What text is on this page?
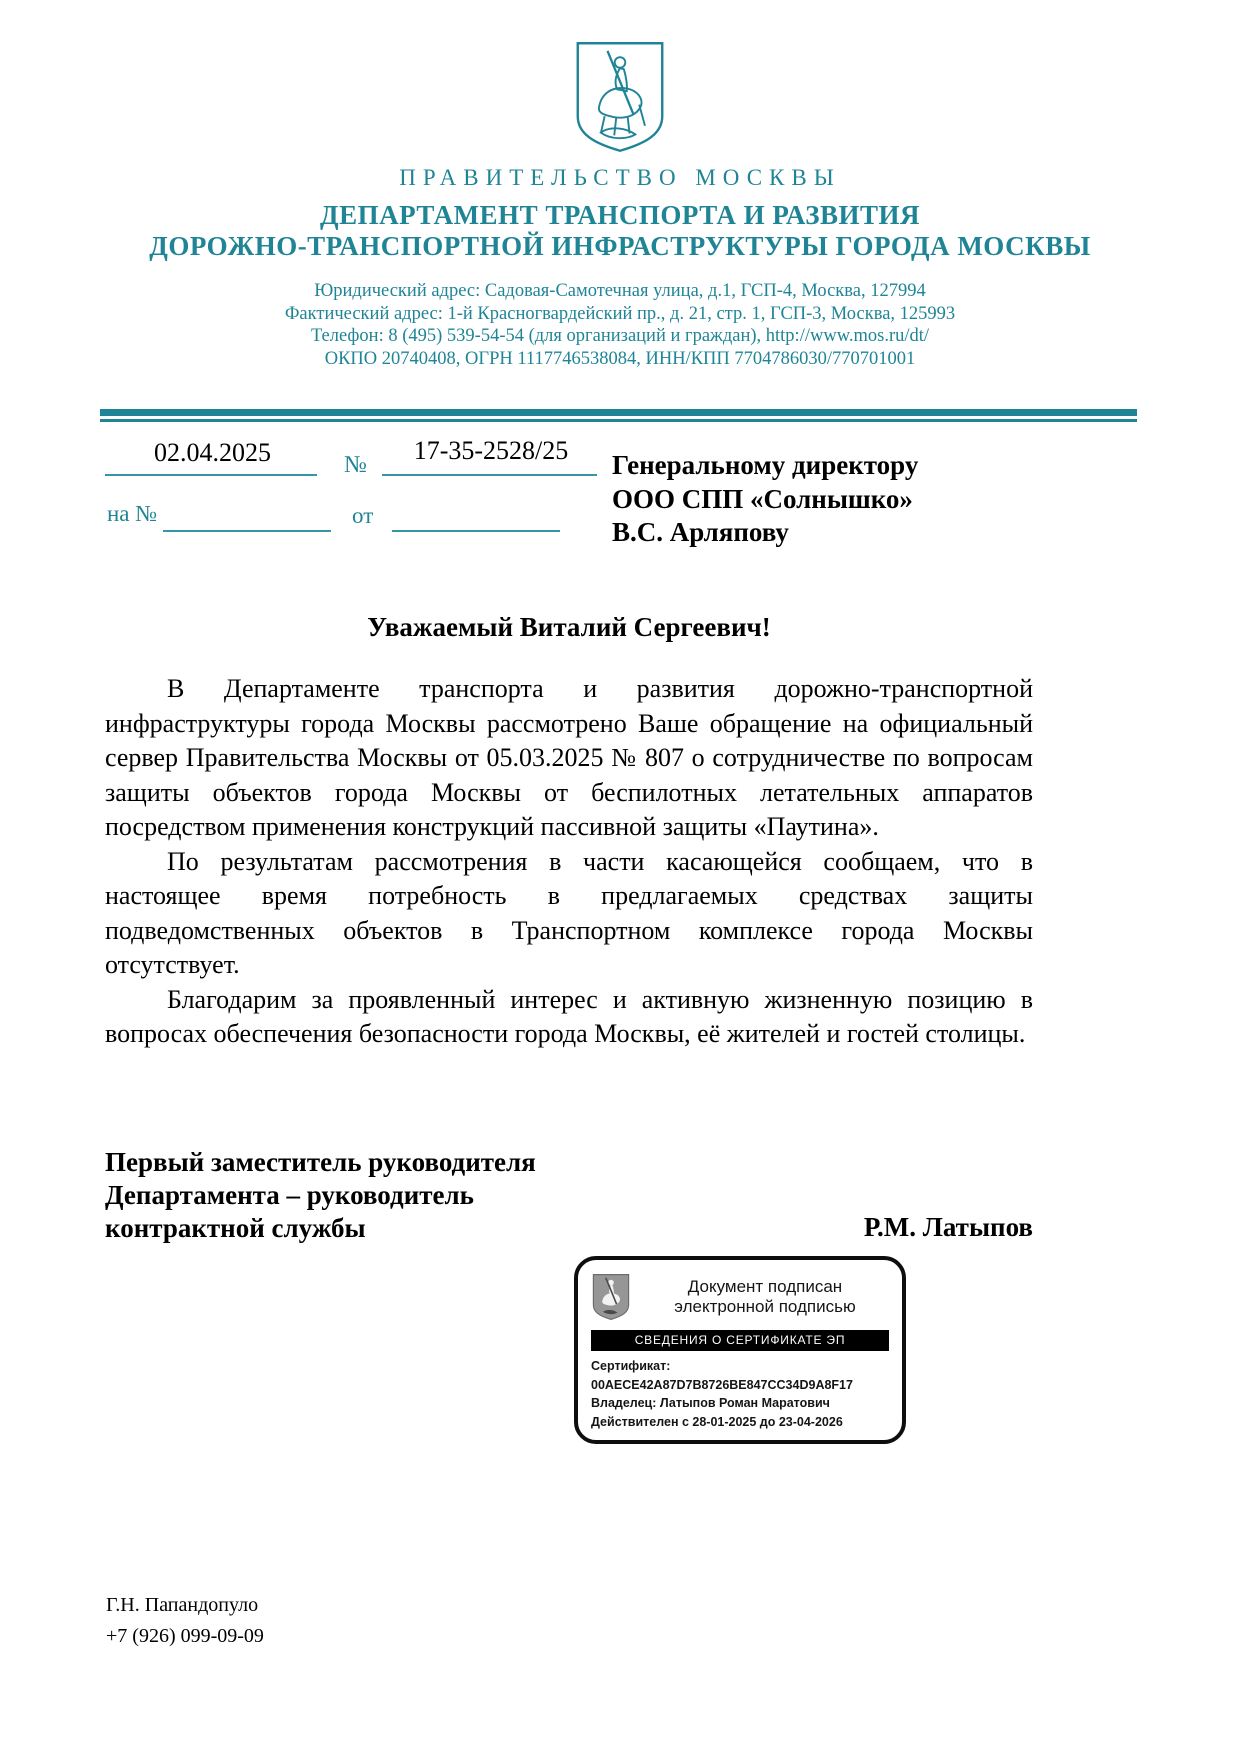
ПРАВИТЕЛЬСТВО МОСКВЫ
ДЕПАРТАМЕНТ ТРАНСПОРТА И РАЗВИТИЯ
ДОРОЖНО-ТРАНСПОРТНОЙ ИНФРАСТРУКТУРЫ ГОРОДА МОСКВЫ
Юридический адрес: Садовая-Самотечная улица, д.1, ГСП-4, Москва, 127994
Фактический адрес: 1-й Красногвардейский пр., д. 21, стр. 1, ГСП-3, Москва, 125993
Телефон: 8 (495) 539-54-54 (для организаций и граждан), http://www.mos.ru/dt/
ОКПО 20740408, ОГРН 1117746538084, ИНН/КПП 7704786030/770701001
02.04.2025	№	17-35-2528/25
на №	от
Генеральному директору
ООО СПП «Солнышко»
В.С. Арляпову
Уважаемый Виталий Сергеевич!

В Департаменте транспорта и развития дорожно-транспортной инфраструктуры города Москвы рассмотрено Ваше обращение на официальный сервер Правительства Москвы от 05.03.2025 № 807 о сотрудничестве по вопросам защиты объектов города Москвы от беспилотных летательных аппаратов посредством применения конструкций пассивной защиты «Паутина».

По результатам рассмотрения в части касающейся сообщаем, что в настоящее время потребность в предлагаемых средствах защиты подведомственных объектов в Транспортном комплексе города Москвы отсутствует.

Благодарим за проявленный интерес и активную жизненную позицию в вопросах обеспечения безопасности города Москвы, её жителей и гостей столицы.

Первый заместитель руководителя
Департамента – руководитель
контрактной службы	Р.М. Латыпов
Документ подписан
электронной подписью
СВЕДЕНИЯ О СЕРТИФИКАТЕ ЭП
Сертификат: 00AECE42A87D7B8726BE847CC34D9A8F17
Владелец: Латыпов Роман Маратович
Действителен с 28-01-2025 до 23-04-2026
Г.Н. Папандопуло
+7 (926) 099-09-09
